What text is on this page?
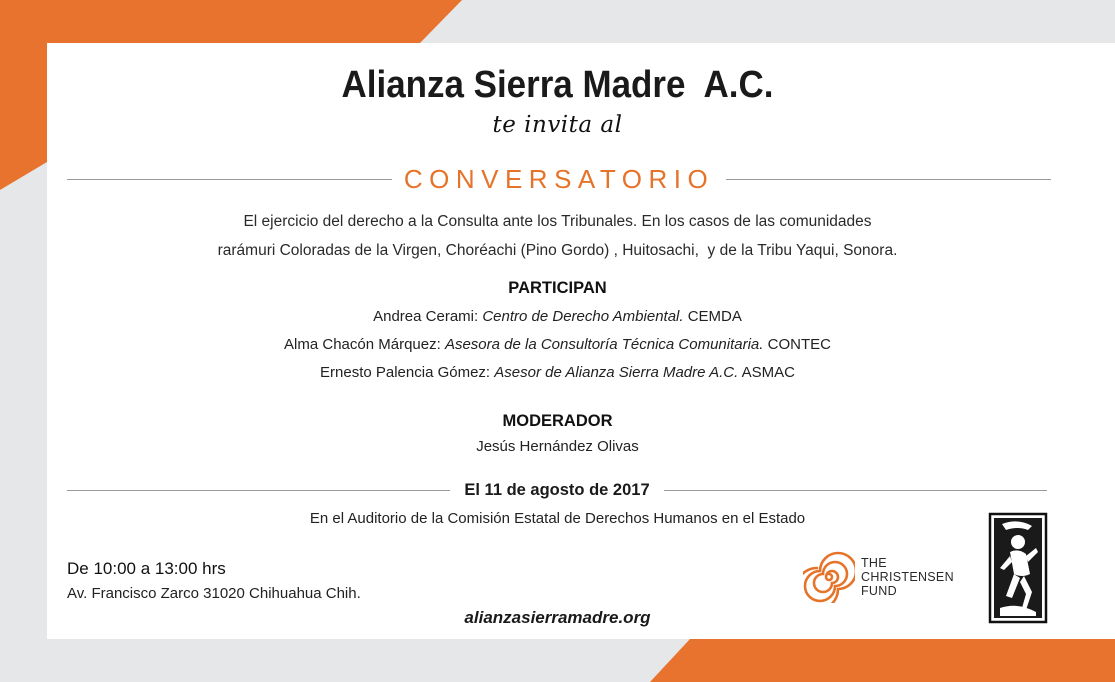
Alianza Sierra Madre  A.C.
te invita al
CONVERSATORIO
El ejercicio del derecho a la Consulta ante los Tribunales. En los casos de las comunidades
rarámuri Coloradas de la Virgen, Choréachi (Pino Gordo) , Huitosachi,  y de la Tribu Yaqui, Sonora.
PARTICIPAN
Andrea Cerami: Centro de Derecho Ambiental. CEMDA
Alma Chacón Márquez: Asesora de la Consultoría Técnica Comunitaria. CONTEC
Ernesto Palencia Gómez: Asesor de Alianza Sierra Madre A.C. ASMAC
MODERADOR
Jesús Hernández Olivas
El 11 de agosto de 2017
En el Auditorio de la Comisión Estatal de Derechos Humanos en el Estado
De 10:00 a 13:00 hrs
Av. Francisco Zarco 31020 Chihuahua Chih.
alianzasierramadre.org
THE
CHRISTENSEN
FUND
